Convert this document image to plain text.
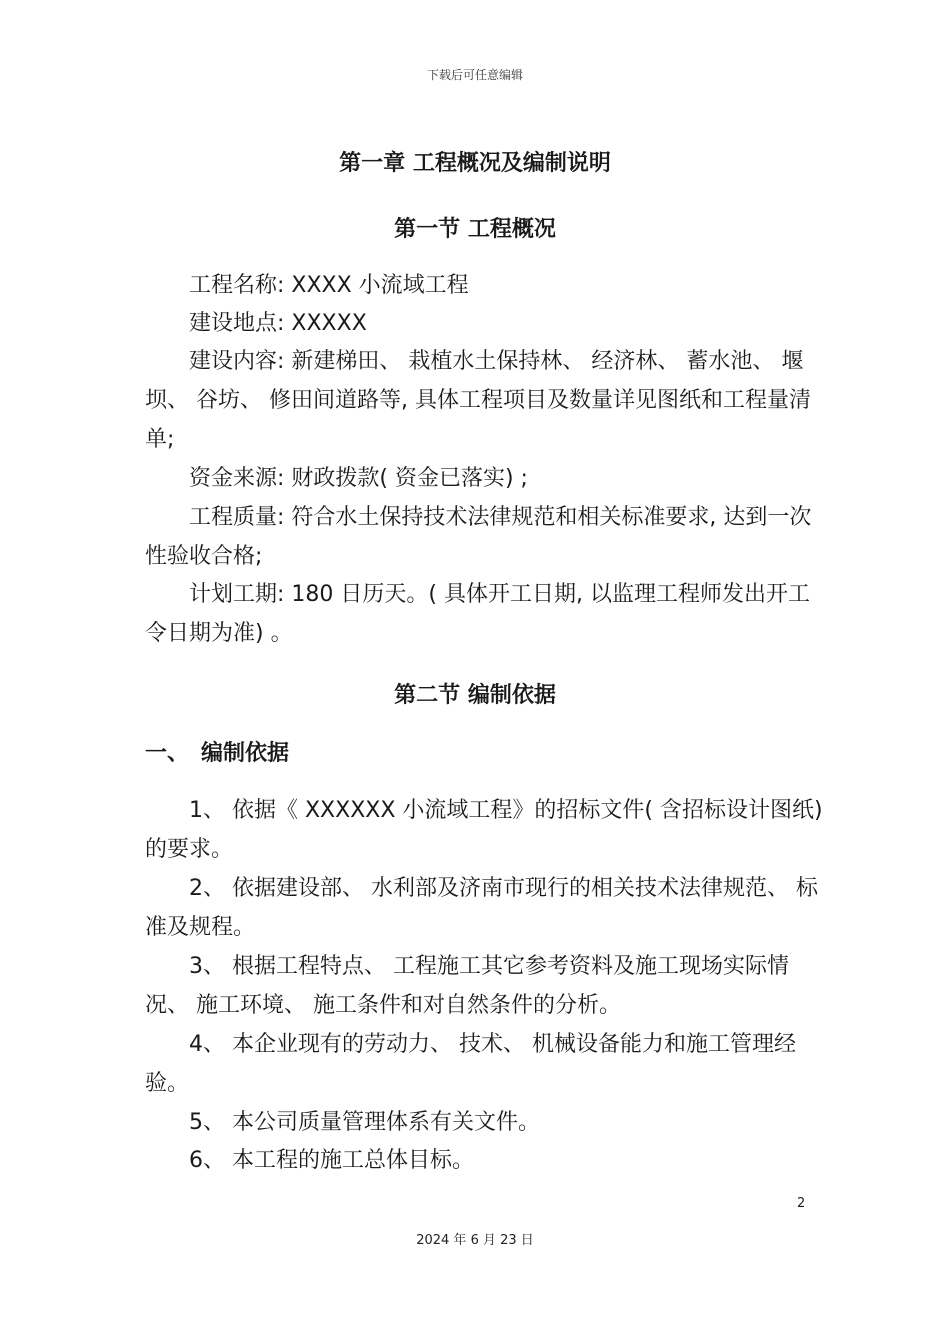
下载后可任意编辑
第一章 工程概况及编制说明
第一节 工程概况
工程名称: XXXX 小流域工程
建设地点: XXXXX
建设内容: 新建梯田、 栽植水土保持林、 经济林、 蓄水池、 堰坝、 谷坊、 修田间道路等, 具体工程项目及数量详见图纸和工程量清单;
资金来源: 财政拨款( 资金已落实) ;
工程质量: 符合水土保持技术法律规范和相关标准要求, 达到一次性验收合格;
计划工期: 180 日历天。( 具体开工日期, 以监理工程师发出开工令日期为准) 。
第二节 编制依据
一、 编制依据
1、 依据《 XXXXXX 小流域工程》的招标文件( 含招标设计图纸) 的要求。
2、 依据建设部、 水利部及济南市现行的相关技术法律规范、 标准及规程。
3、 根据工程特点、 工程施工其它参考资料及施工现场实际情况、 施工环境、 施工条件和对自然条件的分析。
4、 本企业现有的劳动力、 技术、 机械设备能力和施工管理经验。
5、 本公司质量管理体系有关文件。
6、 本工程的施工总体目标。
2
2024 年 6 月 23 日
